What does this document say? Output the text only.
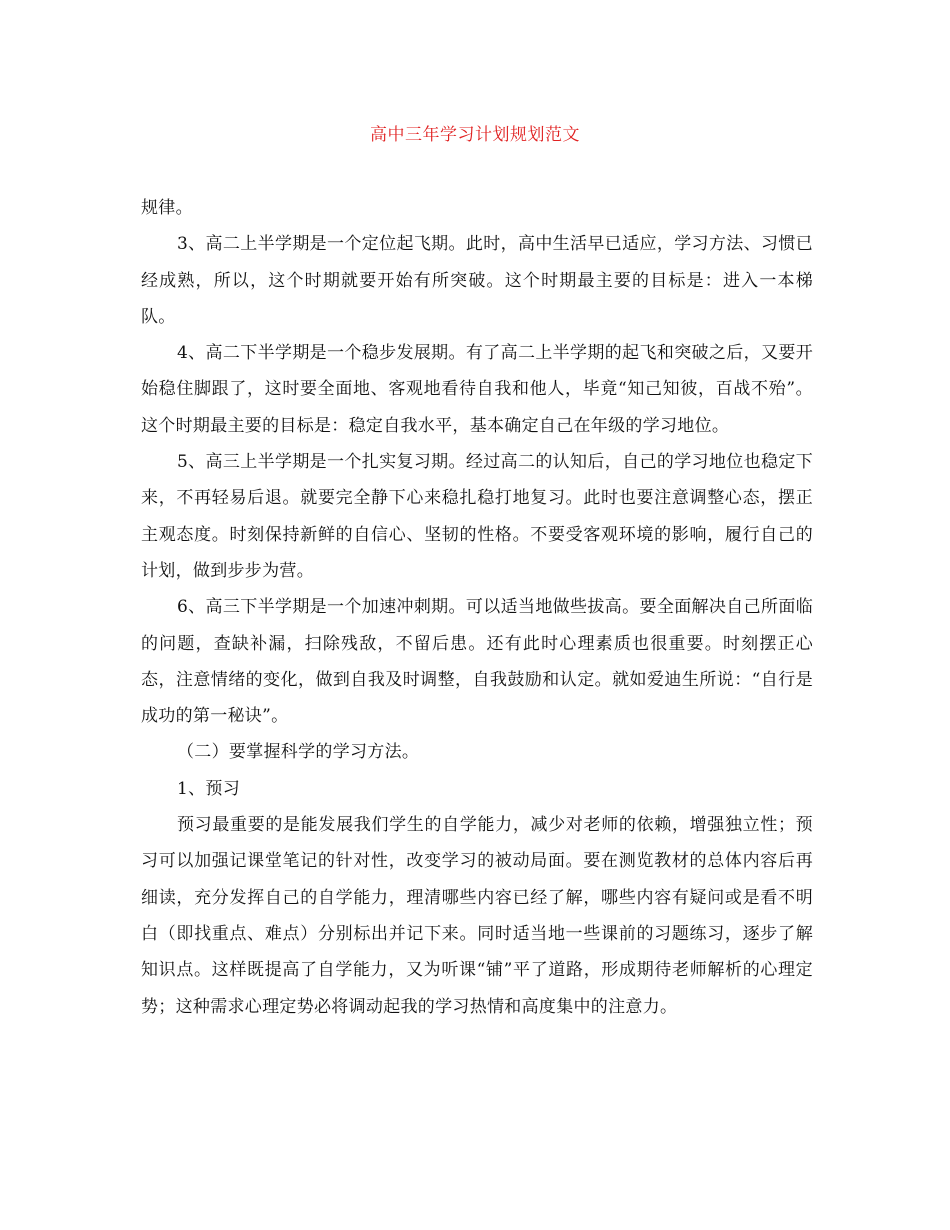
高中三年学习计划规划范文

规律。

3、高二上半学期是一个定位起飞期。此时，高中生活早已适应，学习方法、习惯已经成熟，所以，这个时期就要开始有所突破。这个时期最主要的目标是：进入一本梯队。

4、高二下半学期是一个稳步发展期。有了高二上半学期的起飞和突破之后，又要开始稳住脚跟了，这时要全面地、客观地看待自我和他人，毕竟“知己知彼，百战不殆”。这个时期最主要的目标是：稳定自我水平，基本确定自己在年级的学习地位。

5、高三上半学期是一个扎实复习期。经过高二的认知后，自己的学习地位也稳定下来，不再轻易后退。就要完全静下心来稳扎稳打地复习。此时也要注意调整心态，摆正主观态度。时刻保持新鲜的自信心、坚韧的性格。不要受客观环境的影响，履行自己的计划，做到步步为营。

6、高三下半学期是一个加速冲刺期。可以适当地做些拔高。要全面解决自己所面临的问题，查缺补漏，扫除残敌，不留后患。还有此时心理素质也很重要。时刻摆正心态，注意情绪的变化，做到自我及时调整，自我鼓励和认定。就如爱迪生所说：“自行是成功的第一秘诀”。

（二）要掌握科学的学习方法。

1、预习

预习最重要的是能发展我们学生的自学能力，减少对老师的依赖，增强独立性；预习可以加强记课堂笔记的针对性，改变学习的被动局面。要在测览教材的总体内容后再细读，充分发挥自己的自学能力，理清哪些内容已经了解，哪些内容有疑问或是看不明白（即找重点、难点）分别标出并记下来。同时适当地一些课前的习题练习，逐步了解知识点。这样既提高了自学能力，又为听课“铺”平了道路，形成期待老师解析的心理定势；这种需求心理定势必将调动起我的学习热情和高度集中的注意力。
